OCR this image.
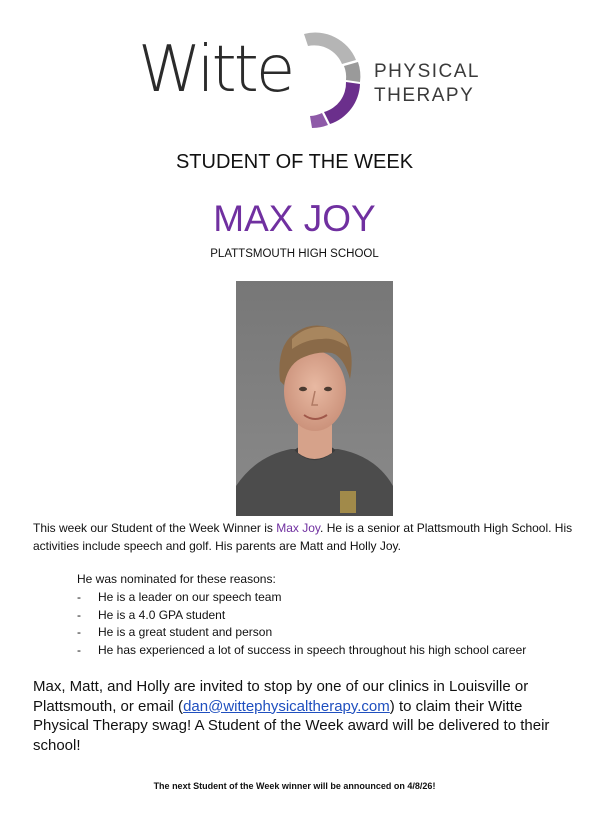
Witte	PHYSICAL
THERAPY
STUDENT OF THE WEEK
MAX JOY
PLATTSMOUTH HIGH SCHOOL
This week our Student of the Week Winner is Max Joy. He is a senior at Plattsmouth High School. His activities include speech and golf. His parents are Matt and Holly Joy.
He was nominated for these reasons:
- He is a leader on our speech team
- He is a 4.0 GPA student
- He is a great student and person
- He has experienced a lot of success in speech throughout his high school career
Max, Matt, and Holly are invited to stop by one of our clinics in Louisville or Plattsmouth, or email (dan@wittephysicaltherapy.com) to claim their Witte Physical Therapy swag! A Student of the Week award will be delivered to their school!
The next Student of the Week winner will be announced on 4/8/26!
